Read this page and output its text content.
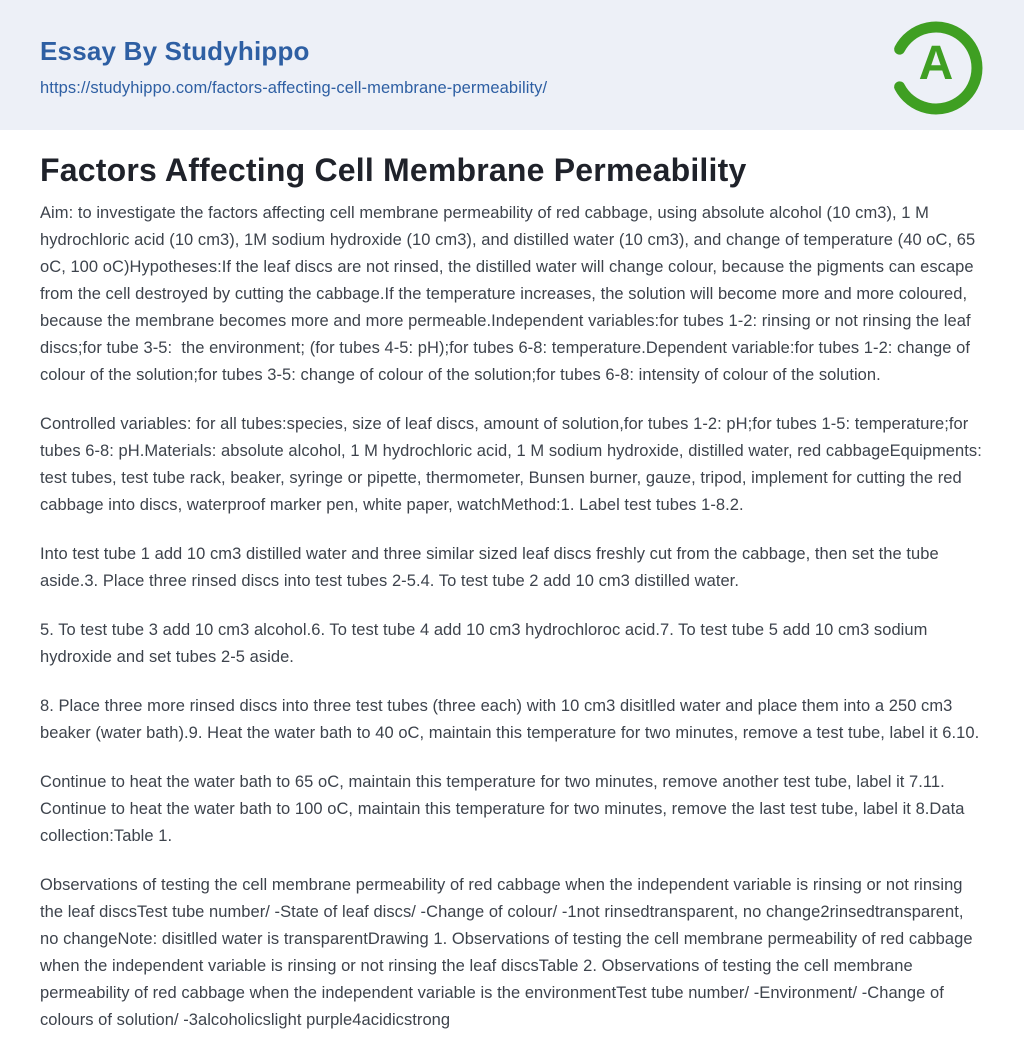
Essay By Studyhippo
https://studyhippo.com/factors-affecting-cell-membrane-permeability/	A
Factors Affecting Cell Membrane Permeability

Aim: to investigate the factors affecting cell membrane permeability of red cabbage, using absolute alcohol (10 cm3), 1 M hydrochloric acid (10 cm3), 1M sodium hydroxide (10 cm3), and distilled water (10 cm3), and change of temperature (40 oC, 65 oC, 100 oC)Hypotheses:If the leaf discs are not rinsed, the distilled water will change colour, because the pigments can escape from the cell destroyed by cutting the cabbage.If the temperature increases, the solution will become more and more coloured, because the membrane becomes more and more permeable.Independent variables:for tubes 1-2: rinsing or not rinsing the leaf discs;for tube 3-5:  the environment; (for tubes 4-5: pH);for tubes 6-8: temperature.Dependent variable:for tubes 1-2: change of colour of the solution;for tubes 3-5: change of colour of the solution;for tubes 6-8: intensity of colour of the solution.

Controlled variables: for all tubes:species, size of leaf discs, amount of solution,for tubes 1-2: pH;for tubes 1-5: temperature;for tubes 6-8: pH.Materials: absolute alcohol, 1 M hydrochloric acid, 1 M sodium hydroxide, distilled water, red cabbageEquipments: test tubes, test tube rack, beaker, syringe or pipette, thermometer, Bunsen burner, gauze, tripod, implement for cutting the red cabbage into discs, waterproof marker pen, white paper, watchMethod:1. Label test tubes 1-8.2.

Into test tube 1 add 10 cm3 distilled water and three similar sized leaf discs freshly cut from the cabbage, then set the tube aside.3. Place three rinsed discs into test tubes 2-5.4. To test tube 2 add 10 cm3 distilled water.

5. To test tube 3 add 10 cm3 alcohol.6. To test tube 4 add 10 cm3 hydrochloroc acid.7. To test tube 5 add 10 cm3 sodium hydroxide and set tubes 2-5 aside.

8. Place three more rinsed discs into three test tubes (three each) with 10 cm3 disitlled water and place them into a 250 cm3 beaker (water bath).9. Heat the water bath to 40 oC, maintain this temperature for two minutes, remove a test tube, label it 6.10.

Continue to heat the water bath to 65 oC, maintain this temperature for two minutes, remove another test tube, label it 7.11. Continue to heat the water bath to 100 oC, maintain this temperature for two minutes, remove the last test tube, label it 8.Data collection:Table 1.

Observations of testing the cell membrane permeability of red cabbage when the independent variable is rinsing or not rinsing the leaf discsTest tube number/ -State of leaf discs/ -Change of colour/ -1not rinsedtransparent, no change2rinsedtransparent, no changeNote: disitlled water is transparentDrawing 1. Observations of testing the cell membrane permeability of red cabbage when the independent variable is rinsing or not rinsing the leaf discsTable 2. Observations of testing the cell membrane permeability of red cabbage when the independent variable is the environmentTest tube number/ -Environment/ -Change of colours of solution/ -3alcoholicslight purple4acidicstrong
